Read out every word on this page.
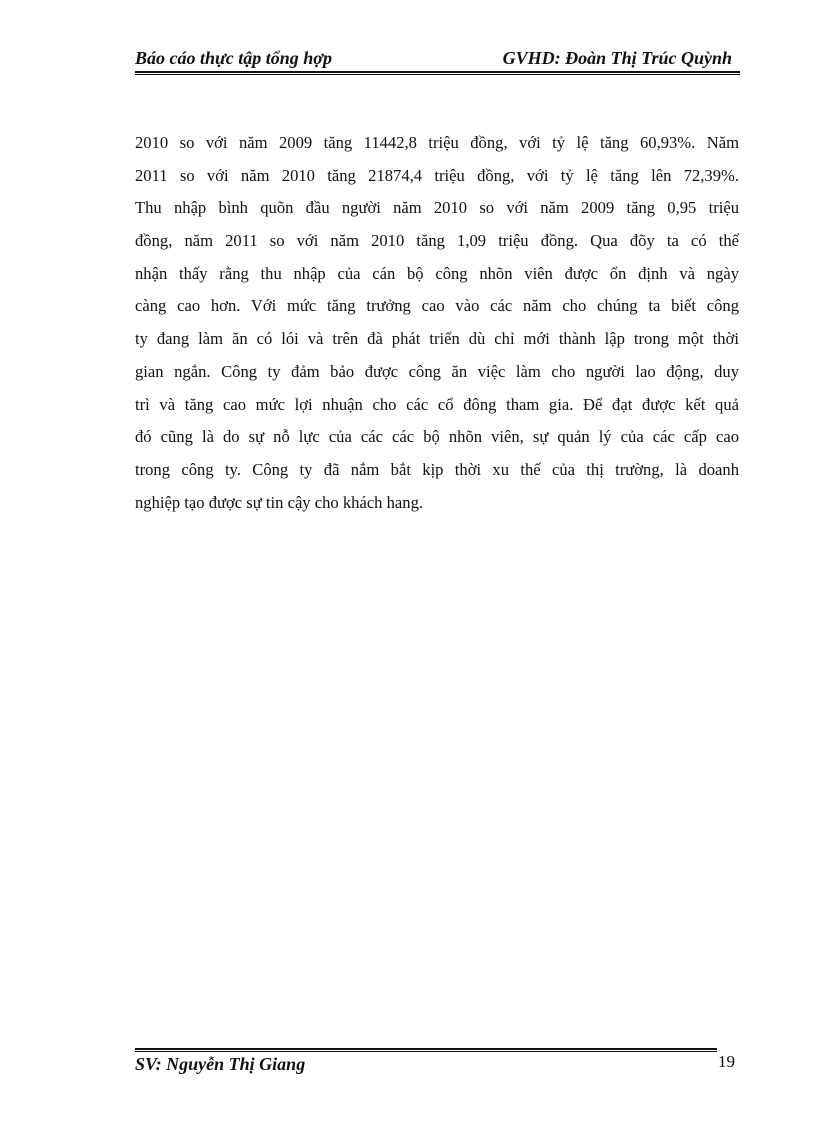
Báo cáo thực tập tổng hợp	GVHD: Đoàn Thị Trúc Quỳnh
2010 so với năm 2009 tăng 11442,8 triệu đồng, với tỷ lệ tăng 60,93%. Năm
2011 so với năm 2010 tăng 21874,4 triệu đồng, với tỷ lệ tăng lên 72,39%.
Thu nhập bình quõn đầu người năm 2010 so với năm 2009 tăng 0,95 triệu
đồng, năm 2011 so với năm 2010 tăng 1,09 triệu đồng. Qua đõy ta có thể
nhận thấy rằng thu nhập của cán bộ công nhõn viên được ổn định và ngày
càng cao hơn. Với mức tăng trưởng cao vào các năm cho chúng ta biết công
ty đang làm ăn có lói và trên đà phát triển dù chỉ mới thành lập trong một thời
gian ngắn. Công ty đảm bảo được công ăn việc làm cho người lao động, duy
trì và tăng cao mức lợi nhuận cho các cổ đông tham gia. Để đạt được kết quả
đó cũng là do sự nỗ lực của các các bộ nhõn viên, sự quản lý của các cấp cao
trong công ty. Công ty đã nắm bắt kịp thời xu thế của thị trường, là doanh
nghiệp tạo được sự tin cậy cho khách hang.
SV: Nguyễn Thị Giang	19
